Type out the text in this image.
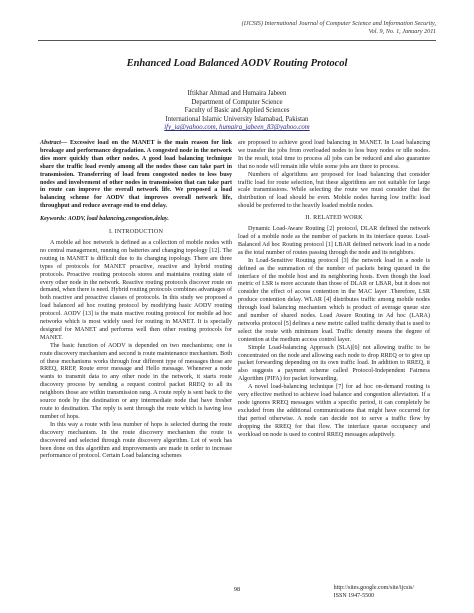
(IJCSIS) International Journal of Computer Science and Information Security,
Vol. 9, No. 1, January 2011
Enhanced Load Balanced AODV Routing Protocol
Iftikhar Ahmad and Humaira Jabeen
Department of Computer Science
Faculty of Basic and Applied Sciences
International Islamic University Islamabad, Pakistan
ify_ia@yahoo.com, humaira_jabeen_83@yahoo.com
Abstract— Excessive load on the MANET is the main reason for link breakage and performance degradation. A congested node in the network dies more quickly than other nodes. A good load balancing technique share the traffic load evenly among all the nodes those can take part in transmission. Transferring of load from congested nodes to less busy nodes and involvement of other nodes in transmission that can take part in route can improve the overall network life. We proposed a load balancing scheme for AODV that improves overall network life, throughput and reduce average end to end delay.
Keywords: AODV, load balancing,congestion,delay.
I. INTRODUCTION

A mobile ad hoc network is defined as a collection of mobile nodes with no central management, running on batteries and changing topology [12]. The routing in MANET is difficult due to its changing topology. There are three types of protocols for MANET proactive, reactive and hybrid routing protocols. Proactive routing protocols stores and maintains routing state of every other node in the network. Reactive routing protocols discover route on demand, when there is need. Hybrid routing protocols combines advantages of both reactive and proactive classes of protocols. In this study we proposed a load balanced ad hoc routing protocol by modifying basic AODV routing protocol. AODV [13] is the main reactive routing protocol for mobile ad hoc networks which is most widely used for routing in MANET. It is specially designed for MANET and performs well then other routing protocols for MANET.

The basic function of AODV is depended on two mechanisms; one is route discovery mechanism and second is route maintenance mechanism. Both of these mechanisms works through four different type of messages those are RREQ, RREP, Route error message and Hello message. Whenever a node wants to transmit data to any other node in the network, it starts route discovery process by sending a request control packet RREQ to all its neighbors those are within transmission rang. A route reply is sent back to the source node by the destination or any intermediate node that have fresher route to destination. The reply is sent through the route which is having less number of hops.

In this way a route with less number of hops is selected during the route discovery mechanism. In the route discovery mechanism the route is discovered and selected through route discovery algorithm. Lot of work has been done on this algorithm and improvements are made in order to increase performance of protocol. Certain Load balancing schemes

are proposed to achieve good load balancing in MANET. In Load balancing we transfer the jobs from overloaded nodes to less busy nodes or idle nodes. In the result, total time to process all jobs can be reduced and also guarantee that no node will remain idle while some jobs are there to process.

Numbers of algorithms are proposed for load balancing that consider traffic load for route selection, but these algorithms are not suitable for large scale transmissions. While selecting the route we must consider that the distribution of load should be even. Mobile nodes having low traffic load should be preferred to the heavily loaded mobile nodes.

II. RELATED WORK

Dynamic Load-Aware Routing [2] protocol, DLAR defined the network load of a mobile node as the number of packets in its interface queue. Load-Balanced Ad hoc Routing protocol [1] LBAR defined network load in a node as the total number of routes passing through the node and its neighbors.

In Load-Sensitive Routing protocol [3] the network load in a node is defined as the summation of the number of packets being queued in the interface of the mobile host and its neighboring hosts. Even though the load metric of LSR is more accurate than those of DLAR or LBAR, but it does not consider the effect of access contention in the MAC layer .Therefore, LSR produce contention delay. WLAR [4] distributes traffic among mobile nodes through load balancing mechanism which is product of average queue size and number of shared nodes. Load Aware Routing in Ad hoc (LARA) networks protocol [5] defines a new metric called traffic density that is used to select the route with minimum load. Traffic density means the degree of contention at the medium access control layer.

Simple Load-balancing Approach (SLA)[6] not allowing traffic to be concentrated on the node and allowing each node to drop RREQ or to give up packet forwarding depending on its own traffic load. In addition to RREQ, it also suggests a payment scheme called Protocol-Independent Fairness Algorithm (PIFA) for packet forwarding.

A novel load-balancing technique [7] for ad hoc on-demand routing is very effective method to achieve load balance and congestion alleviation. If a node ignores RREQ messages within a specific period, it can completely be excluded from the additional communications that might have occurred for that period otherwise. A node can decide not to serve a traffic flow by dropping the RREQ for that flow. The interface queue occupancy and workload on node is used to control RREQ messages adaptively.

98	http://sites.google.com/site/ijcsis/
ISSN 1947-5500
